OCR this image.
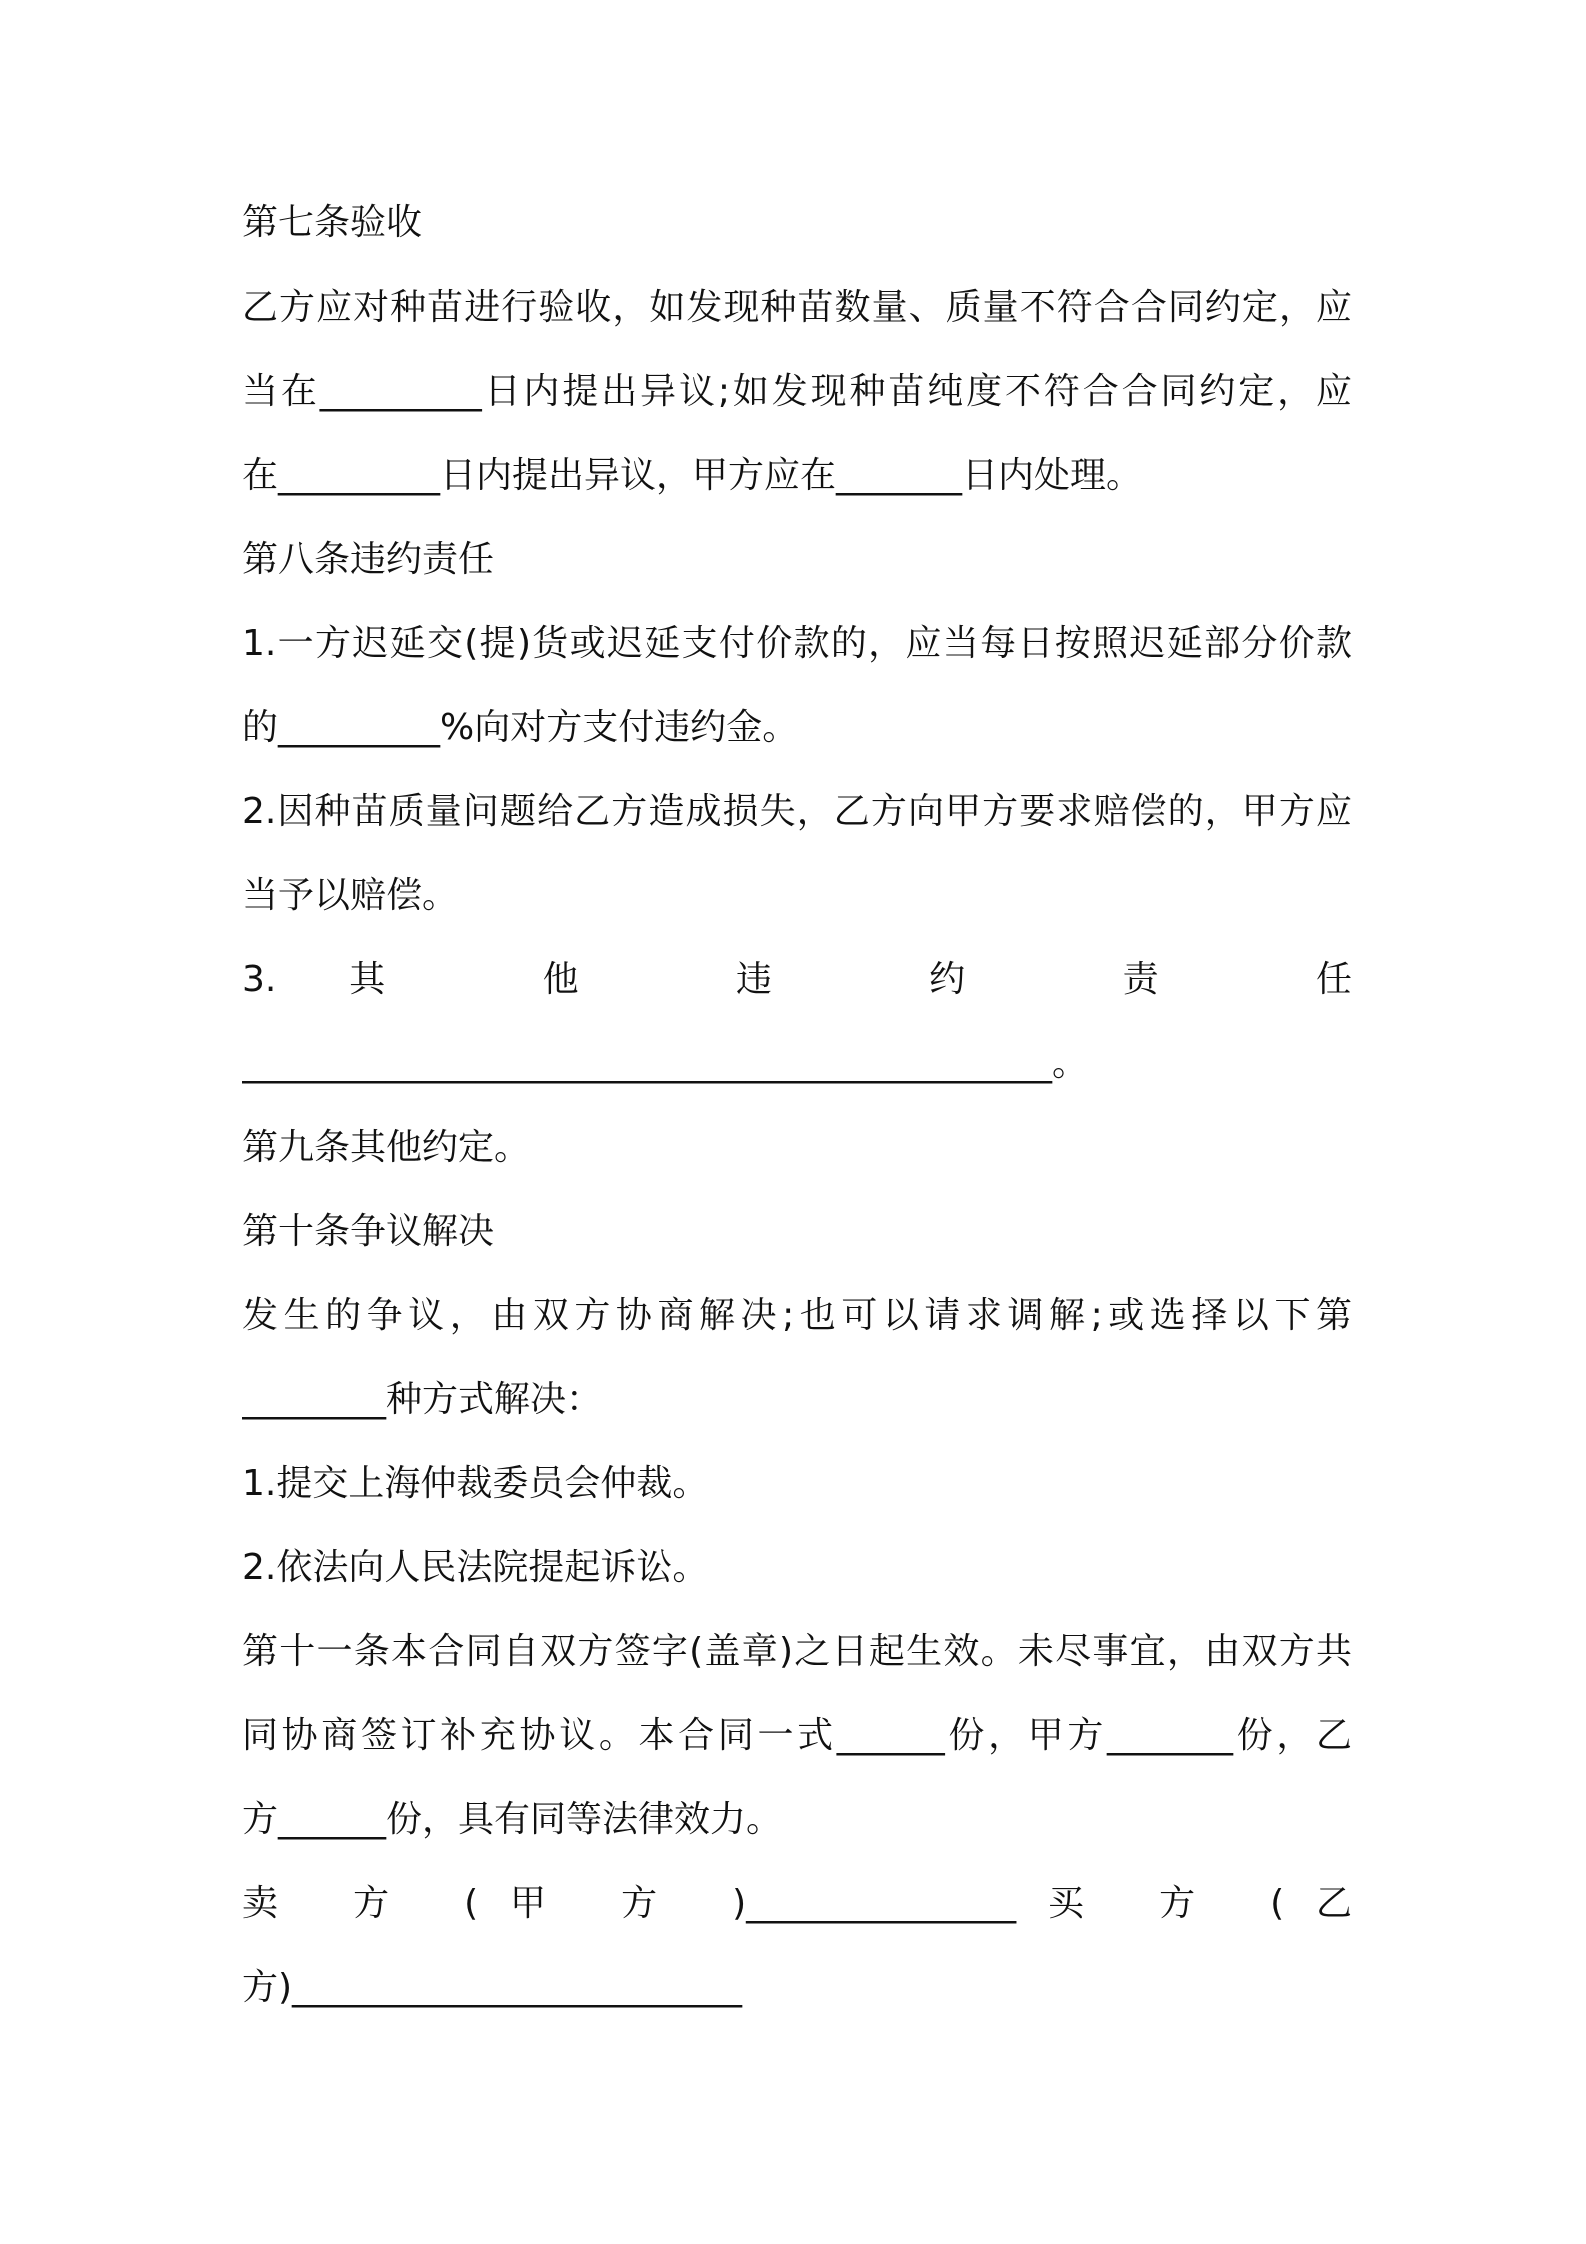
第七条验收
乙方应对种苗进行验收，如发现种苗数量、质量不符合合同约定，应
当在_________日内提出异议;如发现种苗纯度不符合合同约定，应
在_________日内提出异议，甲方应在_______日内处理。
第八条违约责任
1.一方迟延交(提)货或迟延支付价款的，应当每日按照迟延部分价款
的_________%向对方支付违约金。
2.因种苗质量问题给乙方造成损失，乙方向甲方要求赔偿的，甲方应
当予以赔偿。
3.其 他 违 约 责 任
_____________________________________________。
第九条其他约定。
第十条争议解决
发生的争议，由双方协商解决;也可以请求调解;或选择以下第
________种方式解决：
1.提交上海仲裁委员会仲裁。
2.依法向人民法院提起诉讼。
第十一条本合同自双方签字(盖章)之日起生效。未尽事宜，由双方共
同协商签订补充协议。本合同一式______份，甲方_______份，乙
方______份，具有同等法律效力。
卖 方 (甲 方 )_______________买 方 (乙
方)_________________________
